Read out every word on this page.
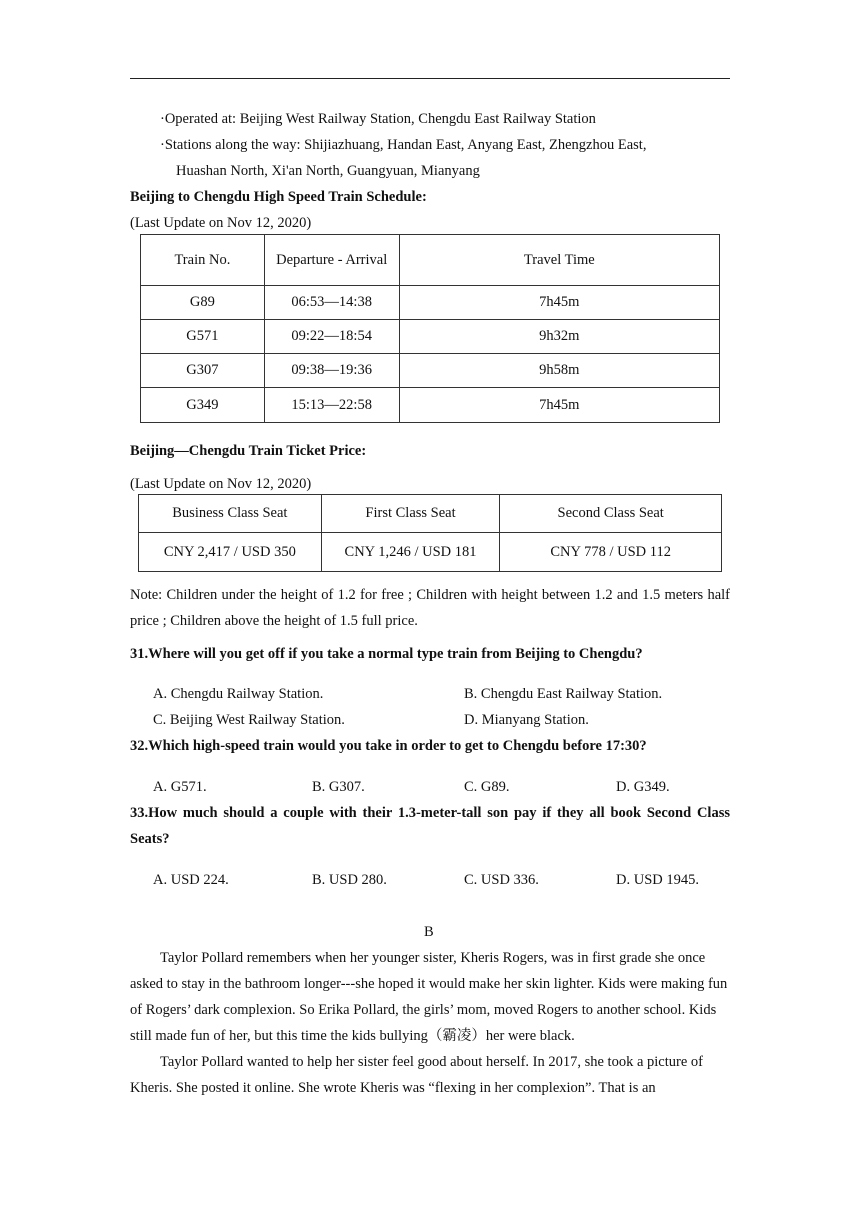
·Operated at: Beijing West Railway Station, Chengdu East Railway Station
·Stations along the way: Shijiazhuang, Handan East, Anyang East, Zhengzhou East,
Huashan North, Xi'an North, Guangyuan, Mianyang
Beijing to Chengdu High Speed Train Schedule:
(Last Update on Nov 12, 2020)
Train No.	Departure - Arrival	Travel Time
G89	06:53—14:38	7h45m
G571	09:22—18:54	9h32m
G307	09:38—19:36	9h58m
G349	15:13—22:58	7h45m
Beijing—Chengdu Train Ticket Price:
(Last Update on Nov 12, 2020)
Business Class Seat	First Class Seat	Second Class Seat
CNY 2,417 / USD 350	CNY 1,246 / USD 181	CNY 778 / USD 112
Note: Children under the height of 1.2 for free ; Children with height between 1.2 and 1.5 meters half price ; Children above the height of 1.5 full price.
31.Where will you get off if you take a normal type train from Beijing to Chengdu?
A. Chengdu Railway Station.	B. Chengdu East Railway Station.
C. Beijing West Railway Station.	D. Mianyang Station.
32.Which high-speed train would you take in order to get to Chengdu before 17:30?
A. G571.	B. G307.	C. G89.	D. G349.
33.How much should a couple with their 1.3-meter-tall son pay if they all book Second Class Seats?
A. USD 224.	B. USD 280.	C. USD 336.	D. USD 1945.
B
Taylor Pollard remembers when her younger sister, Kheris Rogers, was in first grade she once asked to stay in the bathroom longer---she hoped it would make her skin lighter. Kids were making fun of Rogers’ dark complexion. So Erika Pollard, the girls’ mom, moved Rogers to another school. Kids still made fun of her, but this time the kids bullying（霸凌）her were black.
Taylor Pollard wanted to help her sister feel good about herself. In 2017, she took a picture of Kheris. She posted it online. She wrote Kheris was “flexing in her complexion”. That is an
